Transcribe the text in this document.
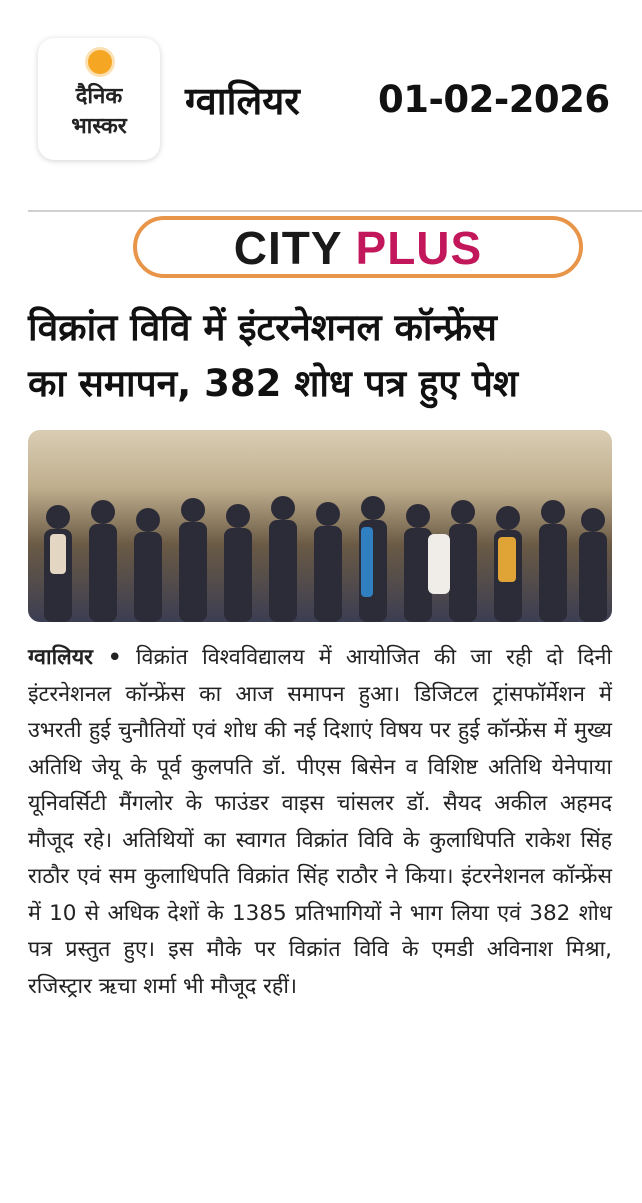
दैनिक
भास्कर
ग्वालियर 01-02-2026
CITY PLUS
विक्रांत विवि में इंटरनेशनल कॉन्फ्रेंस
का समापन, 382 शोध पत्र हुए पेश
ग्वालियर • विक्रांत विश्वविद्यालय में आयोजित की जा रही दो दिनी इंटरनेशनल कॉन्फ्रेंस का आज समापन हुआ। डिजिटल ट्रांसफॉर्मेशन में उभरती हुई चुनौतियों एवं शोध की नई दिशाएं विषय पर हुई कॉन्फ्रेंस में मुख्य अतिथि जेयू के पूर्व कुलपति डॉ. पीएस बिसेन व विशिष्ट अतिथि येनेपाया यूनिवर्सिटी मैंगलोर के फाउंडर वाइस चांसलर डॉ. सैयद अकील अहमद मौजूद रहे। अतिथियों का स्वागत विक्रांत विवि के कुलाधिपति राकेश सिंह राठौर एवं सम कुलाधिपति विक्रांत सिंह राठौर ने किया। इंटरनेशनल कॉन्फ्रेंस में 10 से अधिक देशों के 1385 प्रतिभागियों ने भाग लिया एवं 382 शोध पत्र प्रस्तुत हुए। इस मौके पर विक्रांत विवि के एमडी अविनाश मिश्रा, रजिस्ट्रार ऋचा शर्मा भी मौजूद रहीं।
